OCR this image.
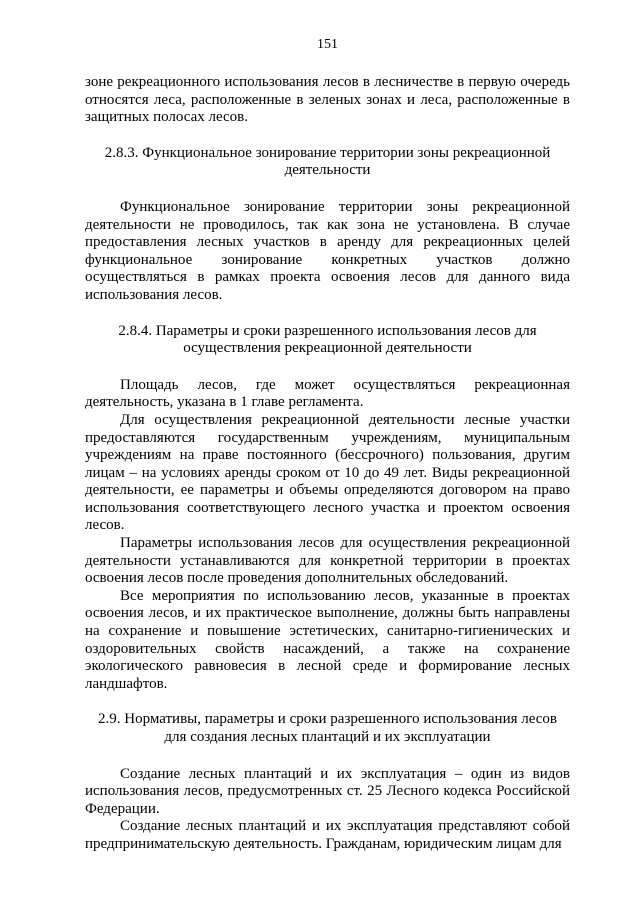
151

зоне рекреационного использования лесов в лесничестве в первую очередь относятся леса, расположенные в зеленых зонах и леса, расположенные в защитных полосах лесов.

2.8.3. Функциональное зонирование территории зоны рекреационной деятельности

Функциональное зонирование территории зоны рекреационной деятельности не проводилось, так как зона не установлена. В случае предоставления лесных участков в аренду для рекреационных целей функциональное зонирование конкретных участков должно осуществляться в рамках проекта освоения лесов для данного вида использования лесов.

2.8.4. Параметры и сроки разрешенного использования лесов для осуществления рекреационной деятельности

Площадь лесов, где может осуществляться рекреационная деятельность, указана в 1 главе регламента.

Для осуществления рекреационной деятельности лесные участки предоставляются государственным учреждениям, муниципальным учреждениям на праве постоянного (бессрочного) пользования, другим лицам – на условиях аренды сроком от 10 до 49 лет. Виды рекреационной деятельности, ее параметры и объемы определяются договором на право использования соответствующего лесного участка и проектом освоения лесов.

Параметры использования лесов для осуществления рекреационной деятельности устанавливаются для конкретной территории в проектах освоения лесов после проведения дополнительных обследований.

Все мероприятия по использованию лесов, указанные в проектах освоения лесов, и их практическое выполнение, должны быть направлены на сохранение и повышение эстетических, санитарно-гигиенических и оздоровительных свойств насаждений, а также на сохранение экологического равновесия в лесной среде и формирование лесных ландшафтов.

2.9. Нормативы, параметры и сроки разрешенного использования лесов для создания лесных плантаций и их эксплуатации

Создание лесных плантаций и их эксплуатация – один из видов использования лесов, предусмотренных ст. 25 Лесного кодекса Российской Федерации.

Создание лесных плантаций и их эксплуатация представляют собой предпринимательскую деятельность. Гражданам, юридическим лицам для
